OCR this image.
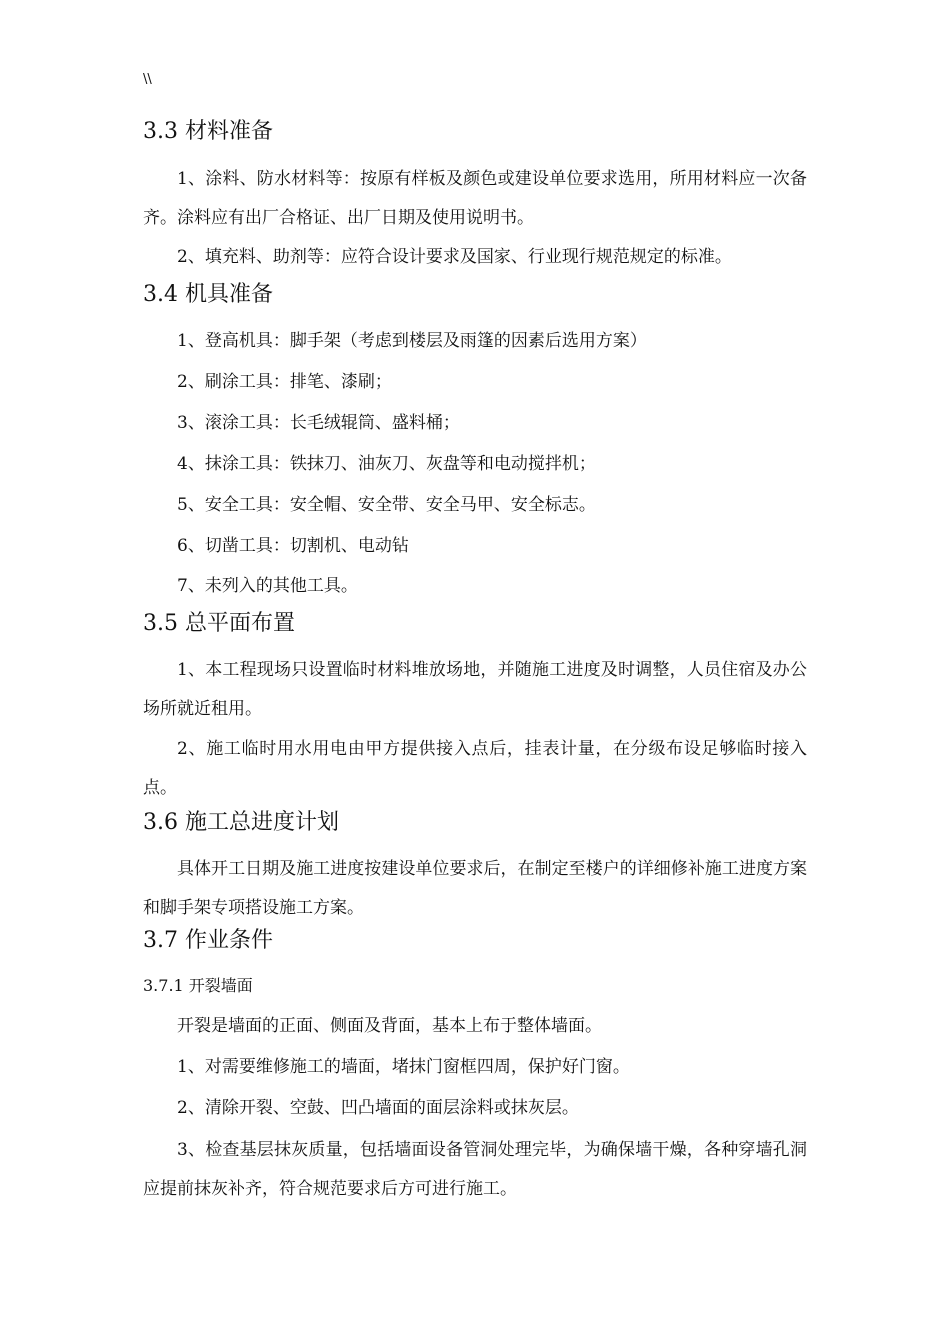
\\
3.3 材料准备
1、涂料、防水材料等：按原有样板及颜色或建设单位要求选用，所用材料应一次备齐。涂料应有出厂合格证、出厂日期及使用说明书。
2、填充料、助剂等：应符合设计要求及国家、行业现行规范规定的标准。
3.4 机具准备
1、登高机具：脚手架（考虑到楼层及雨篷的因素后选用方案）
2、刷涂工具：排笔、漆刷；
3、滚涂工具：长毛绒辊筒、盛料桶；
4、抹涂工具：铁抹刀、油灰刀、灰盘等和电动搅拌机；
5、安全工具：安全帽、安全带、安全马甲、安全标志。
6、切凿工具：切割机、电动钻
7、未列入的其他工具。
3.5 总平面布置
1、本工程现场只设置临时材料堆放场地，并随施工进度及时调整，人员住宿及办公场所就近租用。
2、施工临时用水用电由甲方提供接入点后，挂表计量，在分级布设足够临时接入点。
3.6 施工总进度计划
具体开工日期及施工进度按建设单位要求后，在制定至楼户的详细修补施工进度方案和脚手架专项搭设施工方案。
3.7 作业条件
3.7.1 开裂墙面
开裂是墙面的正面、侧面及背面，基本上布于整体墙面。
1、对需要维修施工的墙面，堵抹门窗框四周，保护好门窗。
2、清除开裂、空鼓、凹凸墙面的面层涂料或抹灰层。
3、检查基层抹灰质量，包括墙面设备管洞处理完毕，为确保墙干燥，各种穿墙孔洞应提前抹灰补齐，符合规范要求后方可进行施工。
